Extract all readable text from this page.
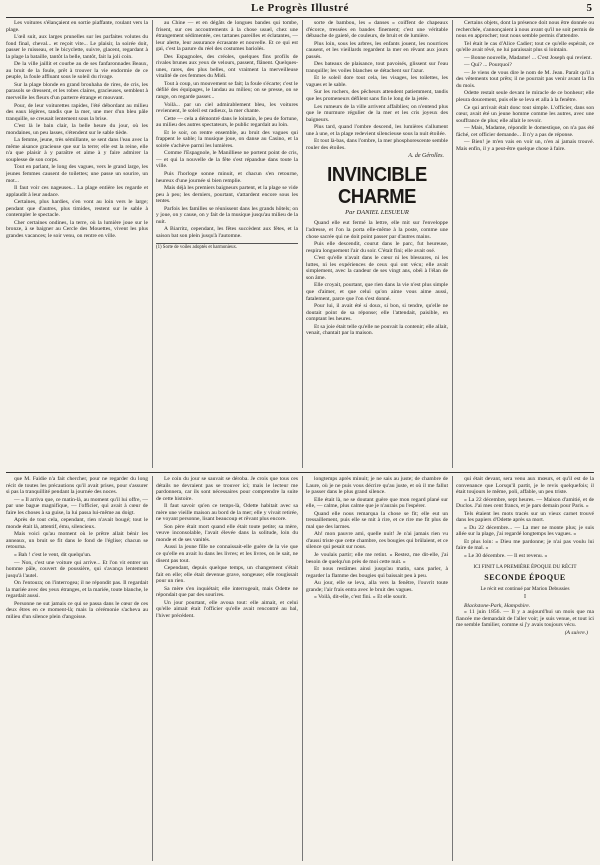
Le Progrès Illustré	5

Les voitures s'élançaient en sortie piaffante, roulant vers la plage.

L'œil suit, aux larges prunelles sur les parfaites volutes du fond final, cheval... et reçoit vite... Le plaisir, la soirée doit, passer le ruisseau, et le bicyclette, suivre, glacent, regardant à la plage la bataille, tantôt la belle, tantôt, fait la joli coin.

De la ville jaillit et courbe au de ses fanfaronnades Beaux, au bruit de la foule, prêt à trouver la vie endormie de ce peuple, la foule affluant sous le soleil du rivage.

Sur la plage blonde en grand brouhaha de rires, de cris, les parasols se dressent, et les robes claires, gracieuses, semblent à merveille les fleurs d'un parterre étrange et mouvant.

Pour, de leur voiturettes rapides, l'été débordant au milieu des eaux légères, tandis que la mer, une mer d'un bleu pâle tranquille, se creusait lentement sous la brise.

C'est là le bain clair, la belle heure du jour, où les mondaines, un peu lasses, s'étendent sur le sable tiède.

La femme, jeune, très sémillante, se sent dans l'eau avec la même aisance gracieuse que sur la terre; elle est la reine, elle n'a que plaisir à y paraître et aime à y faire admirer la souplesse de son corps.

Tout en parlant, le long des vagues, vers le grand large, les jeunes femmes causent de toilettes; une passe un sourire, un mot...

Il faut voir ces nageuses... La plage entière les regarde et applaudit à leur audace.

Certaines, plus hardies, s'en vont au loin vers le large; pendant que d'autres, plus timides, restent sur le sable à contempler le spectacle.

Cher certaines ondines, la terre, où la lumière joue sur le bronze, à se baigner au Cercle des Mouettes, vivent les plus grandes vacances; le soir venu, on rentre en ville.

au Chine — et en dégâts de longues bandes qui tombe, frisent, sur ces accoutrements à la chose usuel, chez une étrangement sédimentée, ces tartanes pareilles et éclatantes, — leur alerte, leur assurance écrasante et nouvelle. Et ce qui est gai, c'est la parure du réel des costumes bariolés.

Des Espagnoles, des créoles, quelques fins profils de rivales brunes aux yeux de velours, passent, flânent. Quelques-unes, rares, des plus belles, ont vraiment la merveilleuse vitalité de ces femmes du Midi.

Tout à coup, un mouvement se fait; la foule s'écarte; c'est le défilé des équipages, le landau au milieu; on se presse, on se range, on regarde passer...

Voilà... par un ciel admirablement bleu, les voitures reviennent, le soleil est radieux, la mer chante.

Cette — cela a démontré dans le lointain, le peu de fortune, au milieu des autres spectateurs, le public regardait au loin.

Et le soir, on rentre ensemble, au bruit des vagues qui frappent le sable; la musique joue, on danse au Casino, et la soirée s'achève parmi les lumières.

Comme l'Espagnole, le Manilliese ne portent point de cris, — et qui la nouvelle de la fête s'est répandue dans toute la ville.

Puis l'horloge sonne minuit, et chacun s'en retourne, heureux d'une journée si bien remplie.

Mais déjà les premiers baigneurs partent, et la plage se vide peu à peu; les derniers, pourtant, s'attardent encore sous les tentes.

Parfois les familles se réunissent dans les grands hôtels; on y joue, on y cause, on y fait de la musique jusqu'au milieu de la nuit.

A Biarritz, cependant, les fêtes succèdent aux fêtes, et la saison bat son plein jusqu'à l'automne.

(1) Sorte de voiles adoptés et harmonieux.

sorte de bambou, les « danses » coiffent de chapeaux d'écorce, tressées en bandes finement; c'est une véritable débauche de gaieté, de couleurs, de bruit et de lumière.

Plus loin, sous les arbres, les enfants jouent, les nourrices causent, et les vieillards regardent la mer en rêvant aux jours passés.

Des bateaux de plaisance, tout pavoisés, glissent sur l'eau tranquille; les voiles blanches se détachent sur l'azur.

Et le soleil dore tout cela, les visages, les toilettes, les vagues et le sable.

Sur les rochers, des pêcheurs attendent patiemment, tandis que les promeneurs défilent sans fin le long de la jetée.

Les rumeurs de la ville arrivent affaiblies; on n'entend plus que le murmure régulier de la mer et les cris joyeux des baigneurs.

Plus tard, quand l'ombre descend, les lumières s'allument une à une, et la plage redevient silencieuse sous la nuit étoilée.

Et tout là-bas, dans l'ombre, la mer phosphorescente semble rouler des étoiles.

A. de Gérolles.
INVINCIBLE CHARME
Par DANIEL LESUEUR

Quand elle eut fermé la lettre, elle mit sur l'enveloppe l'adresse, et l'on la porta elle-même à la poste, comme une chose sacrée qui ne doit point passer par d'autres mains.

Puis elle descendit, courut dans le parc, fut heureuse, respira longuement l'air du soir. C'était fini; elle avait osé.

C'est qu'elle n'avait dans le cœur ni les blessures, ni les luttes, ni les expériences de ceux qui ont vécu; elle avait simplement, avec la candeur de ses vingt ans, obéi à l'élan de son âme.

Elle croyait, pourtant, que rien dans la vie n'est plus simple que d'aimer, et que celui qu'on aime vous aime aussi, fatalement, parce que l'on s'est donné.

Pour lui, il avait été si doux, si bon, si tendre, qu'elle ne doutait point de sa réponse; elle l'attendait, paisible, en comptant les heures.

Et sa joie était telle qu'elle ne pouvait la contenir; elle allait, venait, chantait par la maison.

Certains objets, dont la présence doit nous être donnée ou recherchée, s'annonçaient à nous avant qu'il ne soit permis de nous en approcher; tout nous semble permis d'attendre.

Tel était le cas d'Alice Cadier; tout ce qu'elle espérait, ce qu'elle avait rêvé, ne lui paraissait plus si lointain.

— Bonne nouvelle, Madame! ... C'est Joseph qui revient.

— Qui? ... Pourquoi?

— Je viens de vous dire le nom de M. Jean. Paraît qu'il a des vêtements tout prêts; il ne pourrait pas venir avant la fin du mois.

Odette restait seule devant le miracle de ce bonheur; elle pleura doucement, puis elle se leva et alla à la fenêtre.

Ce qui arrivait était donc tout simple. L'officier, dans son cœur, avait été un jeune homme comme les autres, avec une souffrance de plus; elle allait le revoir.

— Mais, Madame, répondit le domestique, on n'a pas été fâché, cet officier demande... Il n'y a pas de réponse.

— Bien! je m'en vais en voir un, n'en ai jamais trouvé. Mais enfin, il y a peut-être quelque chose à faire.

que M. Faidie n'a fait chercher, pour ne regarder du long récit de toutes les précautions qu'il avait prises, pour s'assurer si pas la tranquillité pendant la journée des noces.

— « Il arriva que, ce matin-là, au moment qu'il lui offre, — par une bague magnifique, — l'officier, qui avait à cœur de faire les choses à sa guise, la lui passa lui-même au doigt.

Après de tout cela, cependant, rien n'avait bougé; tout le monde était là, attentif, ému, silencieux.

Mais voici qu'au moment où le prêtre allait bénir les anneaux, un bruit se fit dans le fond de l'église; chacun se retourna.

« Bah ! c'est le vent, dit quelqu'un.

— Non, c'est une voiture qui arrive... Et l'on vit entrer un homme pâle, couvert de poussière, qui s'avança lentement jusqu'à l'autel.

On l'entoura; on l'interrogea; il ne répondit pas. Il regardait la mariée avec des yeux étranges, et la mariée, toute blanche, le regardait aussi.

Personne ne sut jamais ce qui se passa dans le cœur de ces deux êtres en ce moment-là; mais la cérémonie s'acheva au milieu d'un silence plein d'angoisse.

Le coin du jour se sauvait se déroba. Je crois que tous ces détails ne devraient pas se trouver ici; mais le lecteur me pardonnera, car ils sont nécessaires pour comprendre la suite de cette histoire.

Il faut savoir qu'en ce temps-là, Odette habitait avec sa mère une vieille maison au bord de la mer; elle y vivait retirée, ne voyant personne, lisant beaucoup et rêvant plus encore.

Son père était mort quand elle était toute petite; sa mère, veuve inconsolable, l'avait élevée dans la solitude, loin du monde et de ses vanités.

Aussi la jeune fille ne connaissait-elle guère de la vie que ce qu'elle en avait lu dans les livres; et les livres, on le sait, ne disent pas tout.

Cependant, depuis quelque temps, un changement s'était fait en elle; elle était devenue grave, songeuse; elle rougissait pour un rien.

Sa mère s'en inquiétait; elle interrogeait, mais Odette ne répondait que par des sourires.

Un jour pourtant, elle avoua tout: elle aimait, et celui qu'elle aimait était l'officier qu'elle avait rencontré au bal, l'hiver précédent.

longtemps après minuit; je ne sais au juste; de chambre de Laure, où je ne puis vous décrire qu'au juste, et où il me fallut le passer dans le plus grand silence.

Elle était là, ne se doutant guère que mon regard plané sur elle, — calme, plus calme que je n'aurais pu l'espérer.

Quand elle nous remarqua la chose se fit; elle eut un tressaillement, puis elle se mit à rire, et ce rire me fit plus de mal que des larmes.

Ah! mon pauvre ami, quelle nuit! Je n'ai jamais rien vu d'aussi triste que cette chambre, ces bougies qui brûlaient, et ce silence qui pesait sur nous.

Je voulais partir; elle me retint. « Restez, me dit-elle, j'ai besoin de quelqu'un près de moi cette nuit. »

Et nous restâmes ainsi jusqu'au matin, sans parler, à regarder la flamme des bougies qui baissait peu à peu.

Au jour, elle se leva, alla vers la fenêtre, l'ouvrit toute grande; l'air frais entra avec le bruit des vagues.

« Voilà, dit-elle, c'est fini. » Et elle sourit.

qui était devant, sera venu aux mœurs, et qu'il est de la convenance que Lorsqu'il partit, je le revis quelquefois; il était toujours le même, poli, affable, un peu triste.

« La 22 décembre, sept heures. — Maison d'amitié, et de Duclos. J'ai mes cent francs, et je pars demain pour Paris. »

Tels étaient les mots tracés sur un vieux carnet trouvé dans les papiers d'Odette après sa mort.

« Du 22 décembre... — La mer ne monte plus; je suis allée sur la plage, j'ai regardé longtemps les vagues. »

Et plus loin: « Dieu me pardonne; je n'ai pas voulu lui faire de mal. »

« Le 30 décembre. — Il est revenu. »

ICI FINIT LA PREMIÈRE ÉPOQUE DU RÉCIT
SECONDE ÉPOQUE
Le récit est continué par Marion Debussies
I
Blackstone-Park, Hampshire.

« 11 juin 1856. — Il y a aujourd'hui un mois que ma fiancée me demandait de l'aller voir; je suis venue, et tout ici me semble familier, comme si j'y avais toujours vécu.

(A suivre.)
